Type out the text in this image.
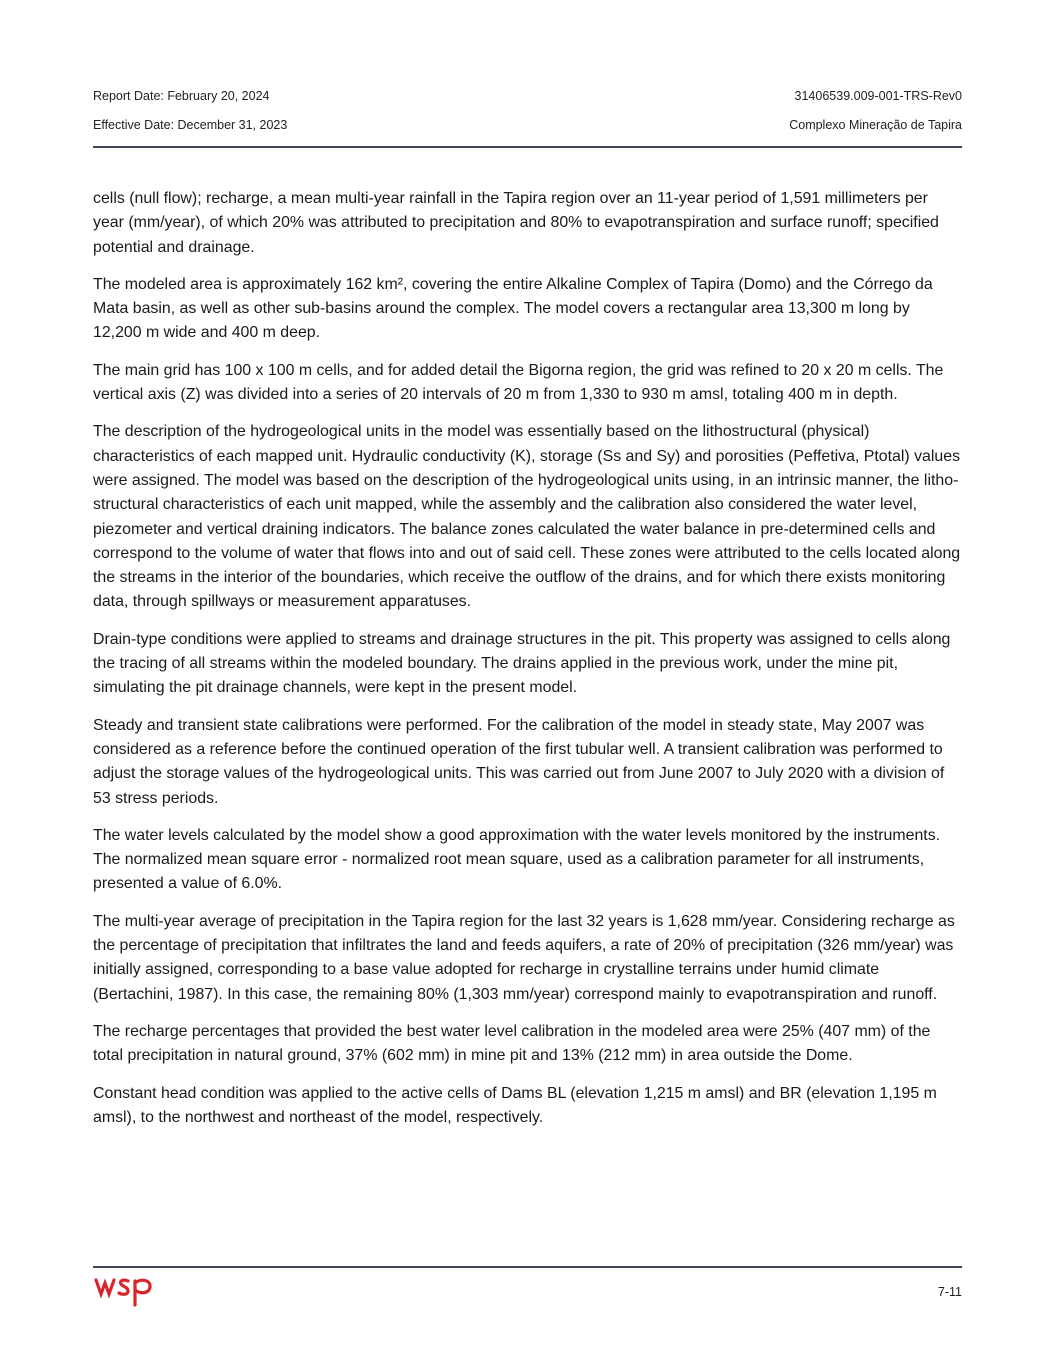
Report Date: February 20, 2024	31406539.009-001-TRS-Rev0
Effective Date: December 31, 2023	Complexo Mineração de Tapira

cells (null flow); recharge, a mean multi-year rainfall in the Tapira region over an 11-year period of 1,591 millimeters per year (mm/year), of which 20% was attributed to precipitation and 80% to evapotranspiration and surface runoff; specified potential and drainage.

The modeled area is approximately 162 km², covering the entire Alkaline Complex of Tapira (Domo) and the Córrego da Mata basin, as well as other sub-basins around the complex. The model covers a rectangular area 13,300 m long by 12,200 m wide and 400 m deep.

The main grid has 100 x 100 m cells, and for added detail the Bigorna region, the grid was refined to 20 x 20 m cells. The vertical axis (Z) was divided into a series of 20 intervals of 20 m from 1,330 to 930 m amsl, totaling 400 m in depth.

The description of the hydrogeological units in the model was essentially based on the lithostructural (physical) characteristics of each mapped unit. Hydraulic conductivity (K), storage (Ss and Sy) and porosities (Peffetiva, Ptotal) values were assigned. The model was based on the description of the hydrogeological units using, in an intrinsic manner, the litho-structural characteristics of each unit mapped, while the assembly and the calibration also considered the water level, piezometer and vertical draining indicators. The balance zones calculated the water balance in pre-determined cells and correspond to the volume of water that flows into and out of said cell. These zones were attributed to the cells located along the streams in the interior of the boundaries, which receive the outflow of the drains, and for which there exists monitoring data, through spillways or measurement apparatuses.

Drain-type conditions were applied to streams and drainage structures in the pit. This property was assigned to cells along the tracing of all streams within the modeled boundary. The drains applied in the previous work, under the mine pit, simulating the pit drainage channels, were kept in the present model.

Steady and transient state calibrations were performed. For the calibration of the model in steady state, May 2007 was considered as a reference before the continued operation of the first tubular well. A transient calibration was performed to adjust the storage values of the hydrogeological units. This was carried out from June 2007 to July 2020 with a division of 53 stress periods.

The water levels calculated by the model show a good approximation with the water levels monitored by the instruments. The normalized mean square error - normalized root mean square, used as a calibration parameter for all instruments, presented a value of 6.0%.

The multi-year average of precipitation in the Tapira region for the last 32 years is 1,628 mm/year. Considering recharge as the percentage of precipitation that infiltrates the land and feeds aquifers, a rate of 20% of precipitation (326 mm/year) was initially assigned, corresponding to a base value adopted for recharge in crystalline terrains under humid climate (Bertachini, 1987). In this case, the remaining 80% (1,303 mm/year) correspond mainly to evapotranspiration and runoff.

The recharge percentages that provided the best water level calibration in the modeled area were 25% (407 mm) of the total precipitation in natural ground, 37% (602 mm) in mine pit and 13% (212 mm) in area outside the Dome.

Constant head condition was applied to the active cells of Dams BL (elevation 1,215 m amsl) and BR (elevation 1,195 m amsl), to the northwest and northeast of the model, respectively.

7-11
